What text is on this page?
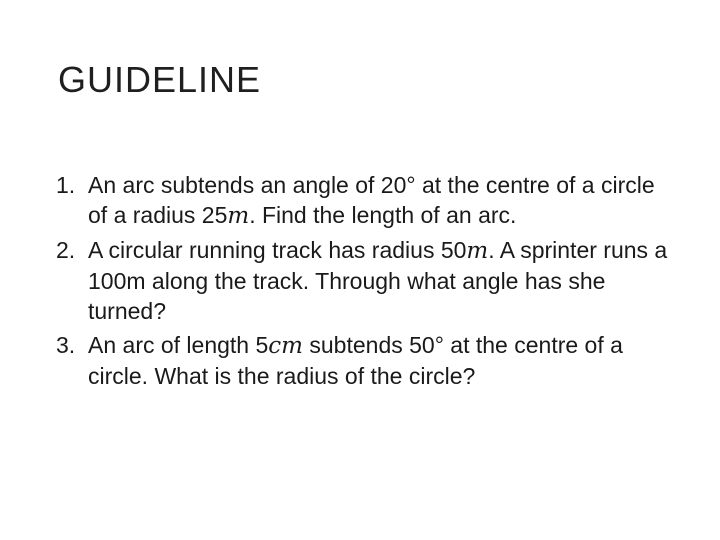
GUIDELINE
1. An arc subtends an angle of 20° at the centre of a circle of a radius 25m. Find the length of an arc.
2. A circular running track has radius 50m. A sprinter runs a 100m along the track. Through what angle has she turned?
3. An arc of length 5cm subtends 50° at the centre of a circle. What is the radius of the circle?
